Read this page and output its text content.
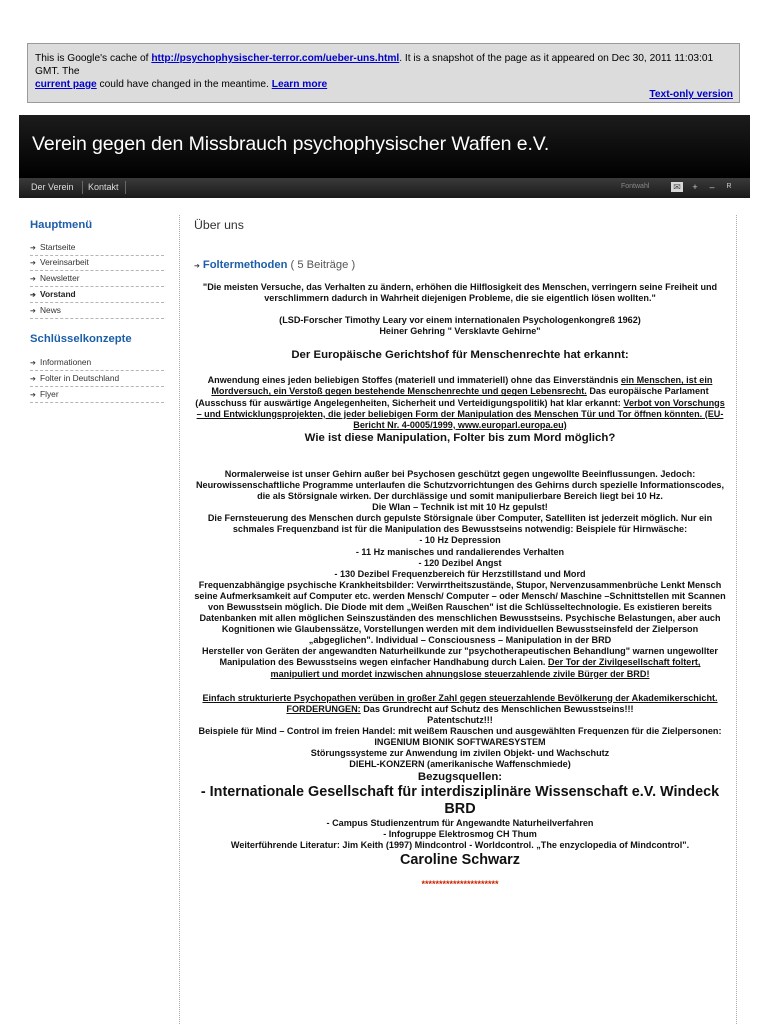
This is Google's cache of http://psychophysischer-terror.com/ueber-uns.html. It is a snapshot of the page as it appeared on Dec 30, 2011 11:03:01 GMT. The
current page could have changed in the meantime. Learn more
Text-only version
Verein gegen den Missbrauch psychophysischer Waffen e.V.
Der Verein Kontakt	Fontwahl	✉	+	–	R
Hauptmenü
➔ Startseite
➔ Vereinsarbeit
➔ Newsletter
➔ Vorstand
➔ News
Schlüsselkonzepte
➔ Informationen
➔ Folter in Deutschland
➔ Flyer
Über uns
➔ Foltermethoden ( 5 Beiträge )

"Die meisten Versuche, das Verhalten zu ändern, erhöhen die Hilflosigkeit des Menschen, verringern seine Freiheit und verschlimmern dadurch in Wahrheit diejenigen Probleme, die sie eigentlich lösen wollten."

(LSD-Forscher Timothy Leary vor einem internationalen Psychologenkongreß 1962)

Heiner Gehring " Versklavte Gehirne"

Der Europäische Gerichtshof für Menschenrechte hat erkannt:

Anwendung eines jeden beliebigen Stoffes (materiell und immateriell) ohne das Einverständnis ein Menschen, ist ein Mordversuch, ein Verstoß gegen bestehende Menschenrechte und gegen Lebensrecht. Das europäische Parlament (Ausschuss für auswärtige Angelegenheiten, Sicherheit und Verteidigungspolitik) hat klar erkannt: Verbot von Vorschungs – und Entwicklungsprojekten, die jeder beliebigen Form der Manipulation des Menschen Tür und Tor öffnen könnten. (EU-Bericht Nr. 4-0005/1999, www.europarl.europa.eu)

Wie ist diese Manipulation, Folter bis zum Mord möglich?

Normalerweise ist unser Gehirn außer bei Psychosen geschützt gegen ungewollte Beeinflussungen. Jedoch: Neurowissenschaftliche Programme unterlaufen die Schutzvorrichtungen des Gehirns durch spezielle Informationscodes, die als Störsignale wirken. Der durchlässige und somit manipulierbare Bereich liegt bei 10 Hz.

Die Wlan – Technik ist mit 10 Hz gepulst!

Die Fernsteuerung des Menschen durch gepulste Störsignale über Computer, Satelliten ist jederzeit möglich. Nur ein schmales Frequenzband ist für die Manipulation des Bewusstseins notwendig: Beispiele für Hirnwäsche:

- 10 Hz Depression

- 11 Hz manisches und randalierendes Verhalten

- 120 Dezibel Angst

- 130 Dezibel Frequenzbereich für Herzstillstand und Mord

Frequenzabhängige psychische Krankheitsbilder: Verwirrtheitszustände, Stupor, Nervenzusammenbrüche Lenkt Mensch seine Aufmerksamkeit auf Computer etc. werden Mensch/ Computer – oder Mensch/ Maschine –Schnittstellen mit Scannen von Bewusstsein möglich. Die Diode mit dem „Weißen Rauschen" ist die Schlüsseltechnologie. Es existieren bereits Datenbanken mit allen möglichen Seinszuständen des menschlichen Bewusstseins. Psychische Belastungen, aber auch Kognitionen wie Glaubenssätze, Vorstellungen werden mit dem individuellen Bewusstseinsfeld der Zielperson „abgeglichen". Individual – Consciousness – Manipulation in der BRD

Hersteller von Geräten der angewandten Naturheilkunde zur "psychotherapeutischen Behandlung" warnen ungewollter Manipulation des Bewusstseins wegen einfacher Handhabung durch Laien. Der Tor der Zivilgesellschaft foltert, manipuliert und mordet inzwischen ahnungslose steuerzahlende zivile Bürger der BRD!

Einfach strukturierte Psychopathen verüben in großer Zahl gegen steuerzahlende Bevölkerung der Akademikerschicht.

FORDERUNGEN: Das Grundrecht auf Schutz des Menschlichen Bewusstseins!!!

Patentschutz!!!

Beispiele für Mind – Control im freien Handel: mit weißem Rauschen und ausgewählten Frequenzen für die Zielpersonen: INGENIUM BIONIK SOFTWARESYSTEM

Störungssysteme zur Anwendung im zivilen Objekt- und Wachschutz

DIEHL-KONZERN (amerikanische Waffenschmiede)

Bezugsquellen:

- Internationale Gesellschaft für interdisziplinäre Wissenschaft e.V. Windeck BRD

- Campus Studienzentrum für Angewandte Naturheilverfahren

- Infogruppe Elektrosmog CH Thum

Weiterführende Literatur: Jim Keith (1997) Mindcontrol - Worldcontrol. „The enzyclopedia of Mindcontrol".

Caroline Schwarz

**********************
